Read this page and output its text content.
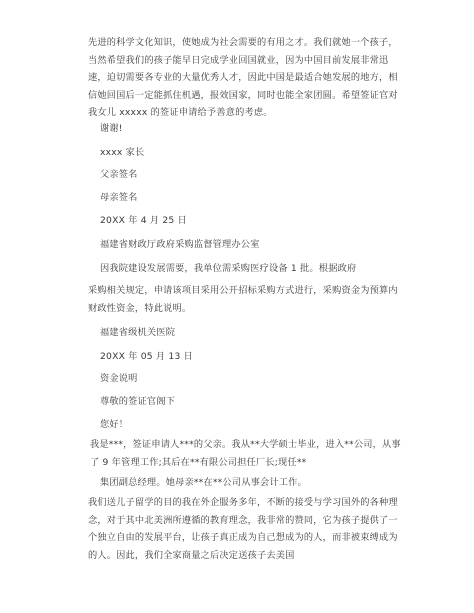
先进的科学文化知识，使她成为社会需要的有用之才。我们就她一个孩子，当然希望我们的孩子能早日完成学业回国就业，因为中国目前发展非常迅速，迫切需要各专业的大量优秀人才，因此中国是最适合她发展的地方，相信她回国后一定能抓住机遇，报效国家，同时也能全家团圆。希望签证官对我女儿 xxxxx 的签证申请给予善意的考虑。
谢谢!
xxxx 家长
父亲签名
母亲签名
20XX 年 4 月 25 日
福建省财政厅政府采购监督管理办公室
因我院建设发展需要，我单位需采购医疗设备 1 批。根据政府
采购相关规定，申请该项目采用公开招标采购方式进行，采购资金为预算内财政性资金，特此说明。
福建省级机关医院
20XX 年 05 月 13 日
资金说明
尊敬的签证官阁下
您好！
我是***，签证申请人***的父亲。我从**大学硕士毕业，进入**公司，从事了 9 年管理工作;其后在**有限公司担任厂长;现任**
集团副总经理。她母亲**在**公司从事会计工作。
我们送儿子留学的目的我在外企服务多年，不断的接受与学习国外的各种理念，对于其中北美洲所遵循的教育理念，我非常的赞同，它为孩子提供了一个独立自由的发展平台，让孩子真正成为自己想成为的人，而非被束缚成为的人。因此，我们全家商量之后决定送孩子去美国
